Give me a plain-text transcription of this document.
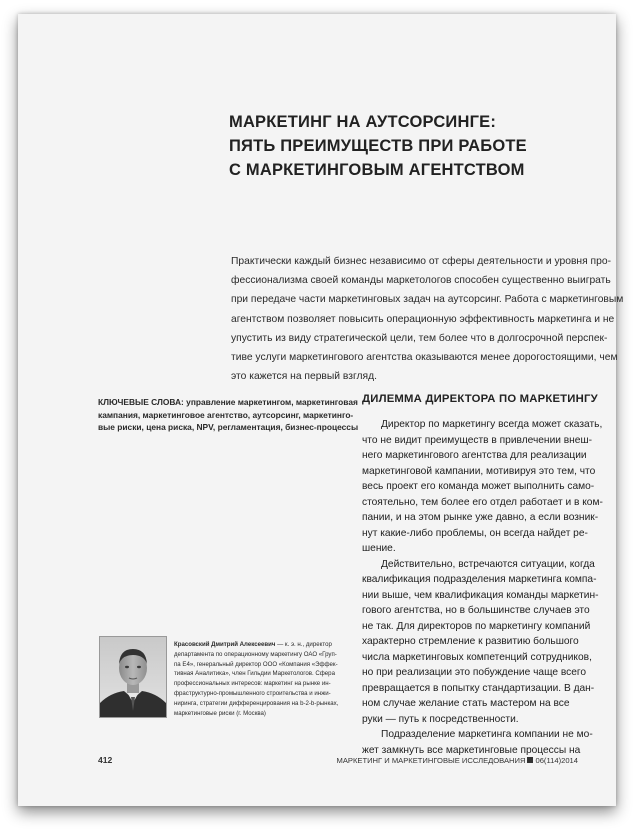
МАРКЕТИНГ НА АУТСОРСИНГЕ:
ПЯТЬ ПРЕИМУЩЕСТВ ПРИ РАБОТЕ
С МАРКЕТИНГОВЫМ АГЕНТСТВОМ
Практически каждый бизнес независимо от сферы деятельности и уровня про-
фессионализма своей команды маркетологов способен существенно выиграть
при передаче части маркетинговых задач на аутсорсинг. Работа с маркетинговым
агентством позволяет повысить операционную эффективность маркетинга и не
упустить из виду стратегической цели, тем более что в долгосрочной перспек-
тиве услуги маркетингового агентства оказываются менее дорогостоящими, чем
это кажется на первый взгляд.
КЛЮЧЕВЫЕ СЛОВА: управление маркетингом, маркетинговая
кампания, маркетинговое агентство, аутсорсинг, маркетинго-
вые риски, цена риска, NPV, регламентация, бизнес-процессы
ДИЛЕММА ДИРЕКТОРА ПО МАРКЕТИНГУ
Директор по маркетингу всегда может сказать,
что не видит преимуществ в привлечении внеш-
него маркетингового агентства для реализации
маркетинговой кампании, мотивируя это тем, что
весь проект его команда может выполнить само-
стоятельно, тем более его отдел работает и в ком-
пании, и на этом рынке уже давно, а если возник-
нут какие-либо проблемы, он всегда найдет ре-
шение.
Действительно, встречаются ситуации, когда
квалификация подразделения маркетинга компа-
нии выше, чем квалификация команды маркетин-
гового агентства, но в большинстве случаев это
не так. Для директоров по маркетингу компаний
характерно стремление к развитию большого
числа маркетинговых компетенций сотрудников,
но при реализации это побуждение чаще всего
превращается в попытку стандартизации. В дан-
ном случае желание стать мастером на все
руки — путь к посредственности.
Подразделение маркетинга компании не мо-
жет замкнуть все маркетинговые процессы на
Красовский Дмитрий Алексеевич — к. э. н., директор
департамента по операционному маркетингу ОАО «Груп-
па Е4», генеральный директор ООО «Компания «Эффек-
тивная Аналитика», член Гильдии Маркетологов. Сфера
профессиональных интересов: маркетинг на рынке ин-
фраструктурно-промышленного строительства и инжи-
ниринга, стратегии дифференцирования на b-2-b-рынках,
маркетинговые риски (г. Москва)
412	МАРКЕТИНГ И МАРКЕТИНГОВЫЕ ИССЛЕДОВАНИЯ 06(114)2014
